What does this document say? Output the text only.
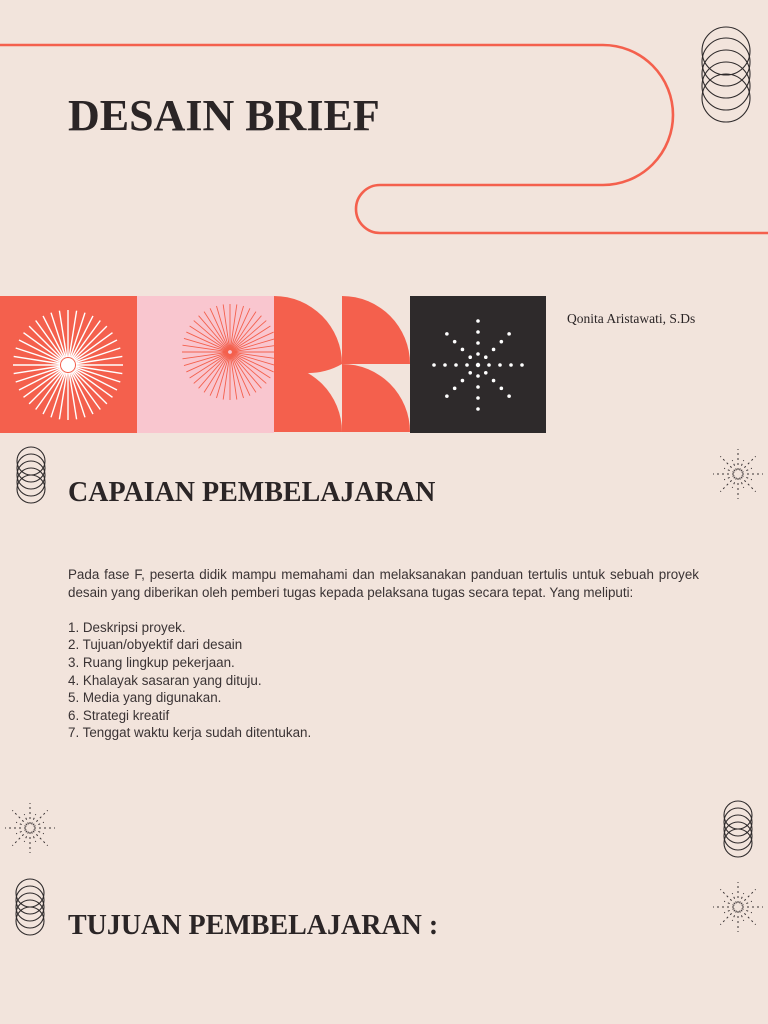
DESAIN BRIEF
Qonita Aristawati, S.Ds
CAPAIAN PEMBELAJARAN

Pada fase F, peserta didik mampu memahami dan melaksanakan panduan tertulis untuk sebuah proyek desain yang diberikan oleh pemberi tugas kepada pelaksana tugas secara tepat. Yang meliputi:

1. Deskripsi proyek.
2. Tujuan/obyektif dari desain
3. Ruang lingkup pekerjaan.
4. Khalayak sasaran yang dituju.
5. Media yang digunakan.
6. Strategi kreatif
7. Tenggat waktu kerja sudah ditentukan.
TUJUAN PEMBELAJARAN :
